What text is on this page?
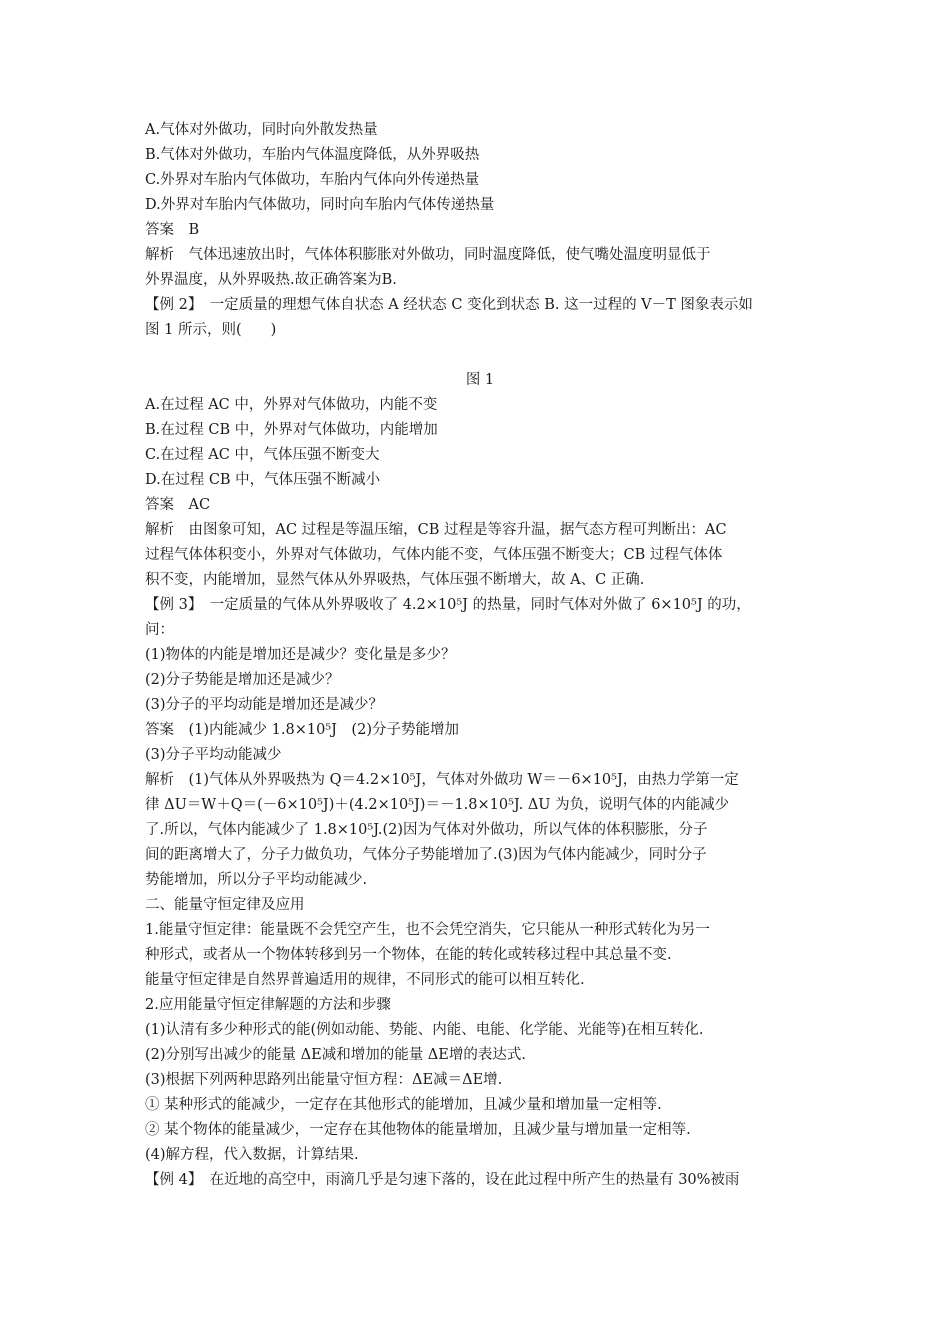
A.气体对外做功，同时向外散发热量
B.气体对外做功，车胎内气体温度降低，从外界吸热
C.外界对车胎内气体做功，车胎内气体向外传递热量
D.外界对车胎内气体做功，同时向车胎内气体传递热量
答案　B
解析　气体迅速放出时，气体体积膨胀对外做功，同时温度降低，使气嘴处温度明显低于
外界温度，从外界吸热.故正确答案为B.
【例 2】　一定质量的理想气体自状态 A 经状态 C 变化到状态 B. 这一过程的 V－T 图象表示如
图 1 所示，则(　　)
图 1
A.在过程 AC 中，外界对气体做功，内能不变
B.在过程 CB 中，外界对气体做功，内能增加
C.在过程 AC 中，气体压强不断变大
D.在过程 CB 中，气体压强不断减小
答案　AC
解析　由图象可知，AC 过程是等温压缩，CB 过程是等容升温，据气态方程可判断出：AC
过程气体体积变小，外界对气体做功，气体内能不变，气体压强不断变大；CB 过程气体体
积不变，内能增加，显然气体从外界吸热，气体压强不断增大，故 A、C 正确.
【例 3】　一定质量的气体从外界吸收了 4.2×10⁵J 的热量，同时气体对外做了 6×10⁵J 的功，
问：
(1)物体的内能是增加还是减少？变化量是多少？
(2)分子势能是增加还是减少？
(3)分子的平均动能是增加还是减少？
答案　(1)内能减少 1.8×10⁵J　(2)分子势能增加
(3)分子平均动能减少
解析　(1)气体从外界吸热为 Q＝4.2×10⁵J，气体对外做功 W＝－6×10⁵J，由热力学第一定
律 ΔU＝W＋Q＝(－6×10⁵J)＋(4.2×10⁵J)＝－1.8×10⁵J. ΔU 为负，说明气体的内能减少
了.所以，气体内能减少了 1.8×10⁵J.(2)因为气体对外做功，所以气体的体积膨胀，分子
间的距离增大了，分子力做负功，气体分子势能增加了.(3)因为气体内能减少，同时分子
势能增加，所以分子平均动能减少.
二、能量守恒定律及应用
1.能量守恒定律：能量既不会凭空产生，也不会凭空消失，它只能从一种形式转化为另一
种形式，或者从一个物体转移到另一个物体，在能的转化或转移过程中其总量不变.
能量守恒定律是自然界普遍适用的规律，不同形式的能可以相互转化.
2.应用能量守恒定律解题的方法和步骤
(1)认清有多少种形式的能(例如动能、势能、内能、电能、化学能、光能等)在相互转化.
(2)分别写出减少的能量 ΔE减和增加的能量 ΔE增的表达式.
(3)根据下列两种思路列出能量守恒方程：ΔE减＝ΔE增.
① 某种形式的能减少，一定存在其他形式的能增加，且减少量和增加量一定相等.
② 某个物体的能量减少，一定存在其他物体的能量增加，且减少量与增加量一定相等.
(4)解方程，代入数据，计算结果.
【例 4】　在近地的高空中，雨滴几乎是匀速下落的，设在此过程中所产生的热量有 30%被雨
